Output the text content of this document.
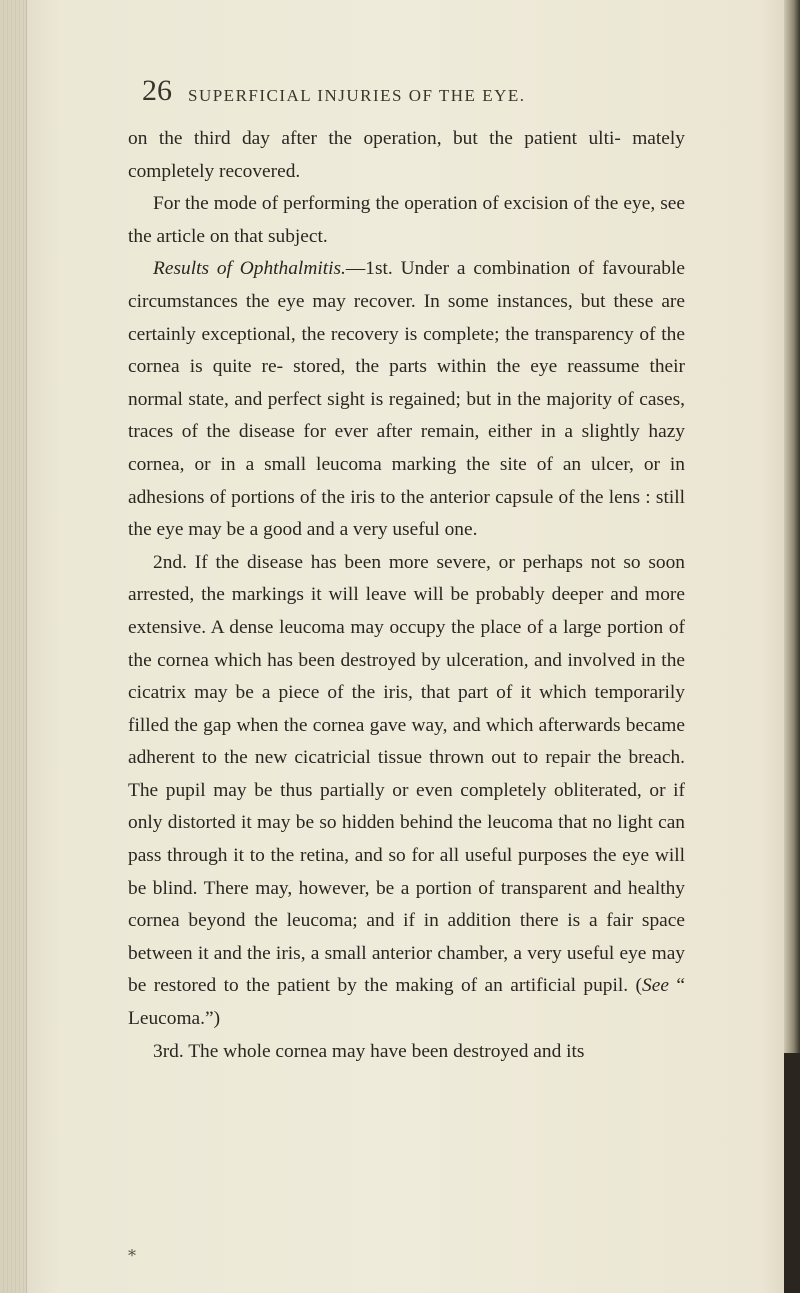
26 SUPERFICIAL INJURIES OF THE EYE.

on the third day after the operation, but the patient ulti- mately completely recovered.

For the mode of performing the operation of excision of the eye, see the article on that subject.

Results of Ophthalmitis.—1st. Under a combination of favourable circumstances the eye may recover. In some instances, but these are certainly exceptional, the recovery is complete; the transparency of the cornea is quite re- stored, the parts within the eye reassume their normal state, and perfect sight is regained; but in the majority of cases, traces of the disease for ever after remain, either in a slightly hazy cornea, or in a small leucoma marking the site of an ulcer, or in adhesions of portions of the iris to the anterior capsule of the lens : still the eye may be a good and a very useful one.

2nd. If the disease has been more severe, or perhaps not so soon arrested, the markings it will leave will be probably deeper and more extensive. A dense leucoma may occupy the place of a large portion of the cornea which has been destroyed by ulceration, and involved in the cicatrix may be a piece of the iris, that part of it which temporarily filled the gap when the cornea gave way, and which afterwards became adherent to the new cicatricial tissue thrown out to repair the breach. The pupil may be thus partially or even completely obliterated, or if only distorted it may be so hidden behind the leucoma that no light can pass through it to the retina, and so for all useful purposes the eye will be blind. There may, however, be a portion of transparent and healthy cornea beyond the leucoma; and if in addition there is a fair space between it and the iris, a small anterior chamber, a very useful eye may be restored to the patient by the making of an artificial pupil. (See “ Leucoma.”)

3rd. The whole cornea may have been destroyed and its

*
